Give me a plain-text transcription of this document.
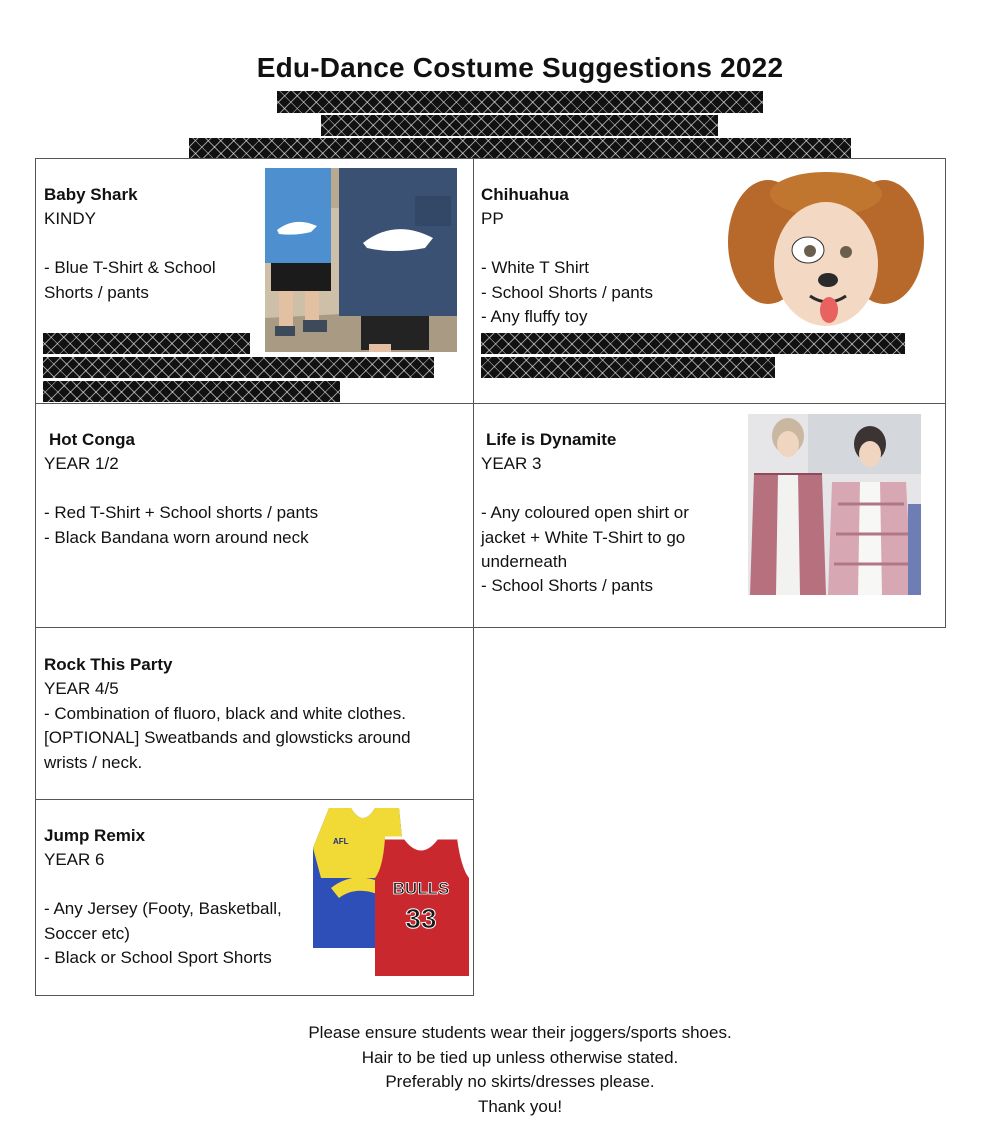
Edu-Dance Costume Suggestions 2022
Baby Shark
KINDY
- Blue T-Shirt & School
Shorts / pants
Chihuahua
PP
- White T Shirt
- School Shorts / pants
- Any fluffy toy
Hot Conga
YEAR 1/2
- Red T-Shirt + School shorts / pants
- Black Bandana worn around neck
Life is Dynamite
YEAR 3
- Any coloured open shirt or
jacket + White T-Shirt to go
underneath
- School Shorts / pants
Rock This Party
YEAR 4/5
- Combination of fluoro, black and white clothes.
[OPTIONAL] Sweatbands and glowsticks around
wrists / neck.
Jump Remix
YEAR 6
- Any Jersey (Footy, Basketball,
Soccer etc)
- Black or School Sport Shorts
AFL
BULLS
33
Please ensure students wear their joggers/sports shoes.
Hair to be tied up unless otherwise stated.
Preferably no skirts/dresses please.
Thank you!
